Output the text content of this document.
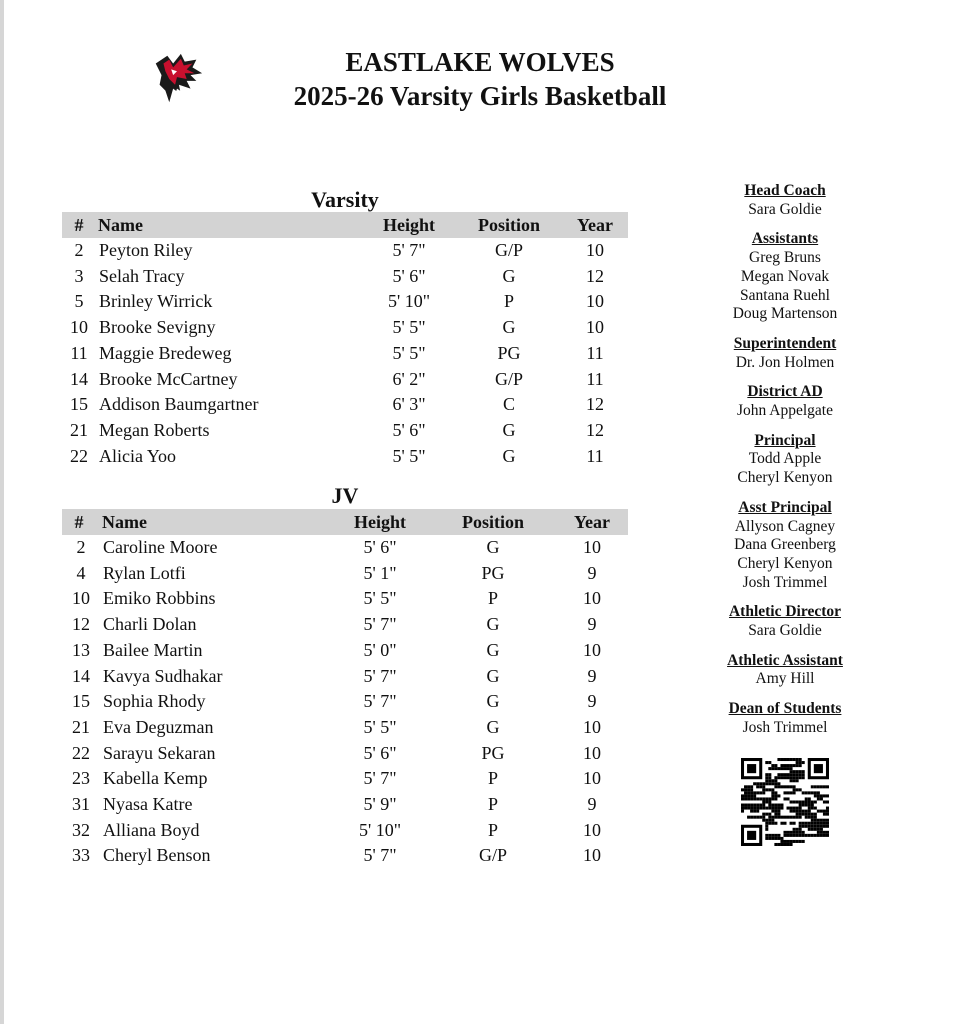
EASTLAKE WOLVES
2025-26 Varsity Girls Basketball
Varsity
# Name	Height	Position	Year
2 Peyton Riley	5' 7"	G/P	10
3 Selah Tracy	5' 6"	G	12
5 Brinley Wirrick	5' 10"	P	10
10 Brooke Sevigny	5' 5"	G	10
11 Maggie Bredeweg	5' 5"	PG	11
14 Brooke McCartney	6' 2"	G/P	11
15 Addison Baumgartner	6' 3"	C	12
21 Megan Roberts	5' 6"	G	12
22 Alicia Yoo	5' 5"	G	11
JV
# Name	Height	Position	Year
2 Caroline Moore	5' 6"	G	10
4 Rylan Lotfi	5' 1"	PG	9
10 Emiko Robbins	5' 5"	P	10
12 Charli Dolan	5' 7"	G	9
13 Bailee Martin	5' 0"	G	10
14 Kavya Sudhakar	5' 7"	G	9
15 Sophia Rhody	5' 7"	G	9
21 Eva Deguzman	5' 5"	G	10
22 Sarayu Sekaran	5' 6"	PG	10
23 Kabella Kemp	5' 7"	P	10
31 Nyasa Katre	5' 9"	P	9
32 Alliana Boyd	5' 10"	P	10
33 Cheryl Benson	5' 7"	G/P	10
Head Coach
Sara Goldie
Assistants
Greg Bruns
Megan Novak
Santana Ruehl
Doug Martenson
Superintendent
Dr. Jon Holmen
District AD
John Appelgate
Principal
Todd Apple
Cheryl Kenyon
Asst Principal
Allyson Cagney
Dana Greenberg
Cheryl Kenyon
Josh Trimmel
Athletic Director
Sara Goldie
Athletic Assistant
Amy Hill
Dean of Students
Josh Trimmel
